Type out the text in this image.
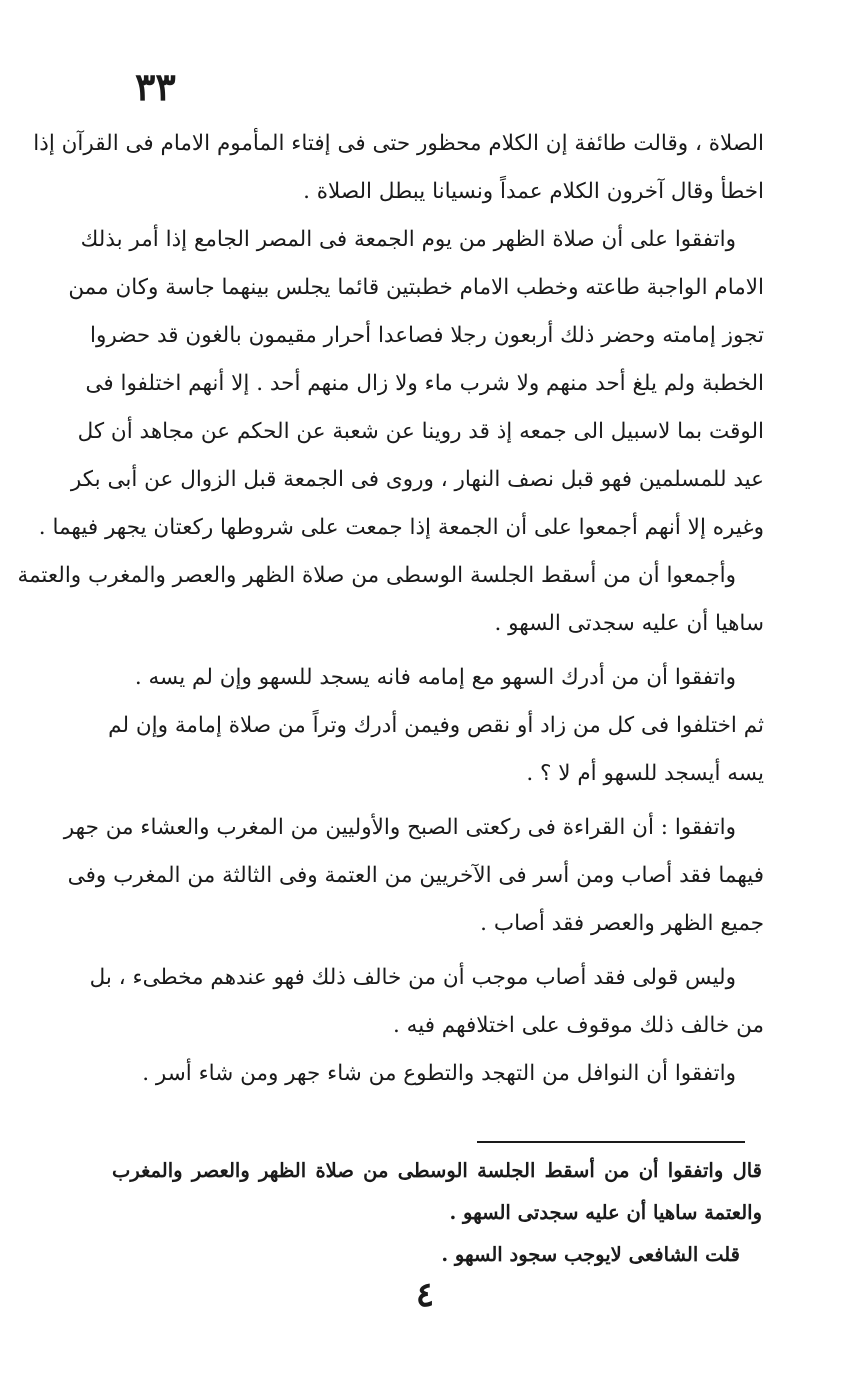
٣٣
الصلاة ، وقالت طائفة إن الكلام محظور حتى فى إفتاء المأموم الامام فى القرآن إذا
اخطأ وقال آخرون الكلام عمداً ونسيانا يبطل الصلاة .
واتفقوا على أن صلاة الظهر من يوم الجمعة فى المصر الجامع إذا أمر بذلك
الامام الواجبة طاعته وخطب الامام خطبتين قائما يجلس بينهما جاسة وكان ممن
تجوز إمامته وحضر ذلك أربعون رجلا فصاعدا أحرار مقيمون بالغون قد حضروا
الخطبة ولم يلغ أحد منهم ولا شرب ماء ولا زال منهم أحد . إلا أنهم اختلفوا فى
الوقت بما لاسبيل الى جمعه إذ قد روينا عن شعبة عن الحكم عن مجاهد أن كل
عيد للمسلمين فهو قبل نصف النهار ، وروى فى الجمعة قبل الزوال عن أبى بكر
وغيره إلا أنهم أجمعوا على أن الجمعة إذا جمعت على شروطها ركعتان يجهر فيهما .
وأجمعوا أن من أسقط الجلسة الوسطى من صلاة الظهر والعصر والمغرب والعتمة
ساهيا أن عليه سجدتى السهو .
واتفقوا أن من أدرك السهو مع إمامه فانه يسجد للسهو وإن لم يسه .
ثم اختلفوا فى كل من زاد أو نقص وفيمن أدرك وتراً من صلاة إمامة وإن لم
يسه أيسجد للسهو أم لا ؟ .
واتفقوا : أن القراءة فى ركعتى الصبح والأوليين من المغرب والعشاء من جهر
فيهما فقد أصاب ومن أسر فى الآخريين من العتمة وفى الثالثة من المغرب وفى
جميع الظهر والعصر فقد أصاب .
وليس قولى فقد أصاب موجب أن من خالف ذلك فهو عندهم مخطىء ، بل
من خالف ذلك موقوف على اختلافهم فيه .
واتفقوا أن النوافل من التهجد والتطوع من شاء جهر ومن شاء أسر .
قال واتفقوا أن من أسقط الجلسة الوسطى من صلاة الظهر والعصر والمغرب
والعتمة ساهيا أن عليه سجدتى السهو .
قلت الشافعى لايوجب سجود السهو .
٤
